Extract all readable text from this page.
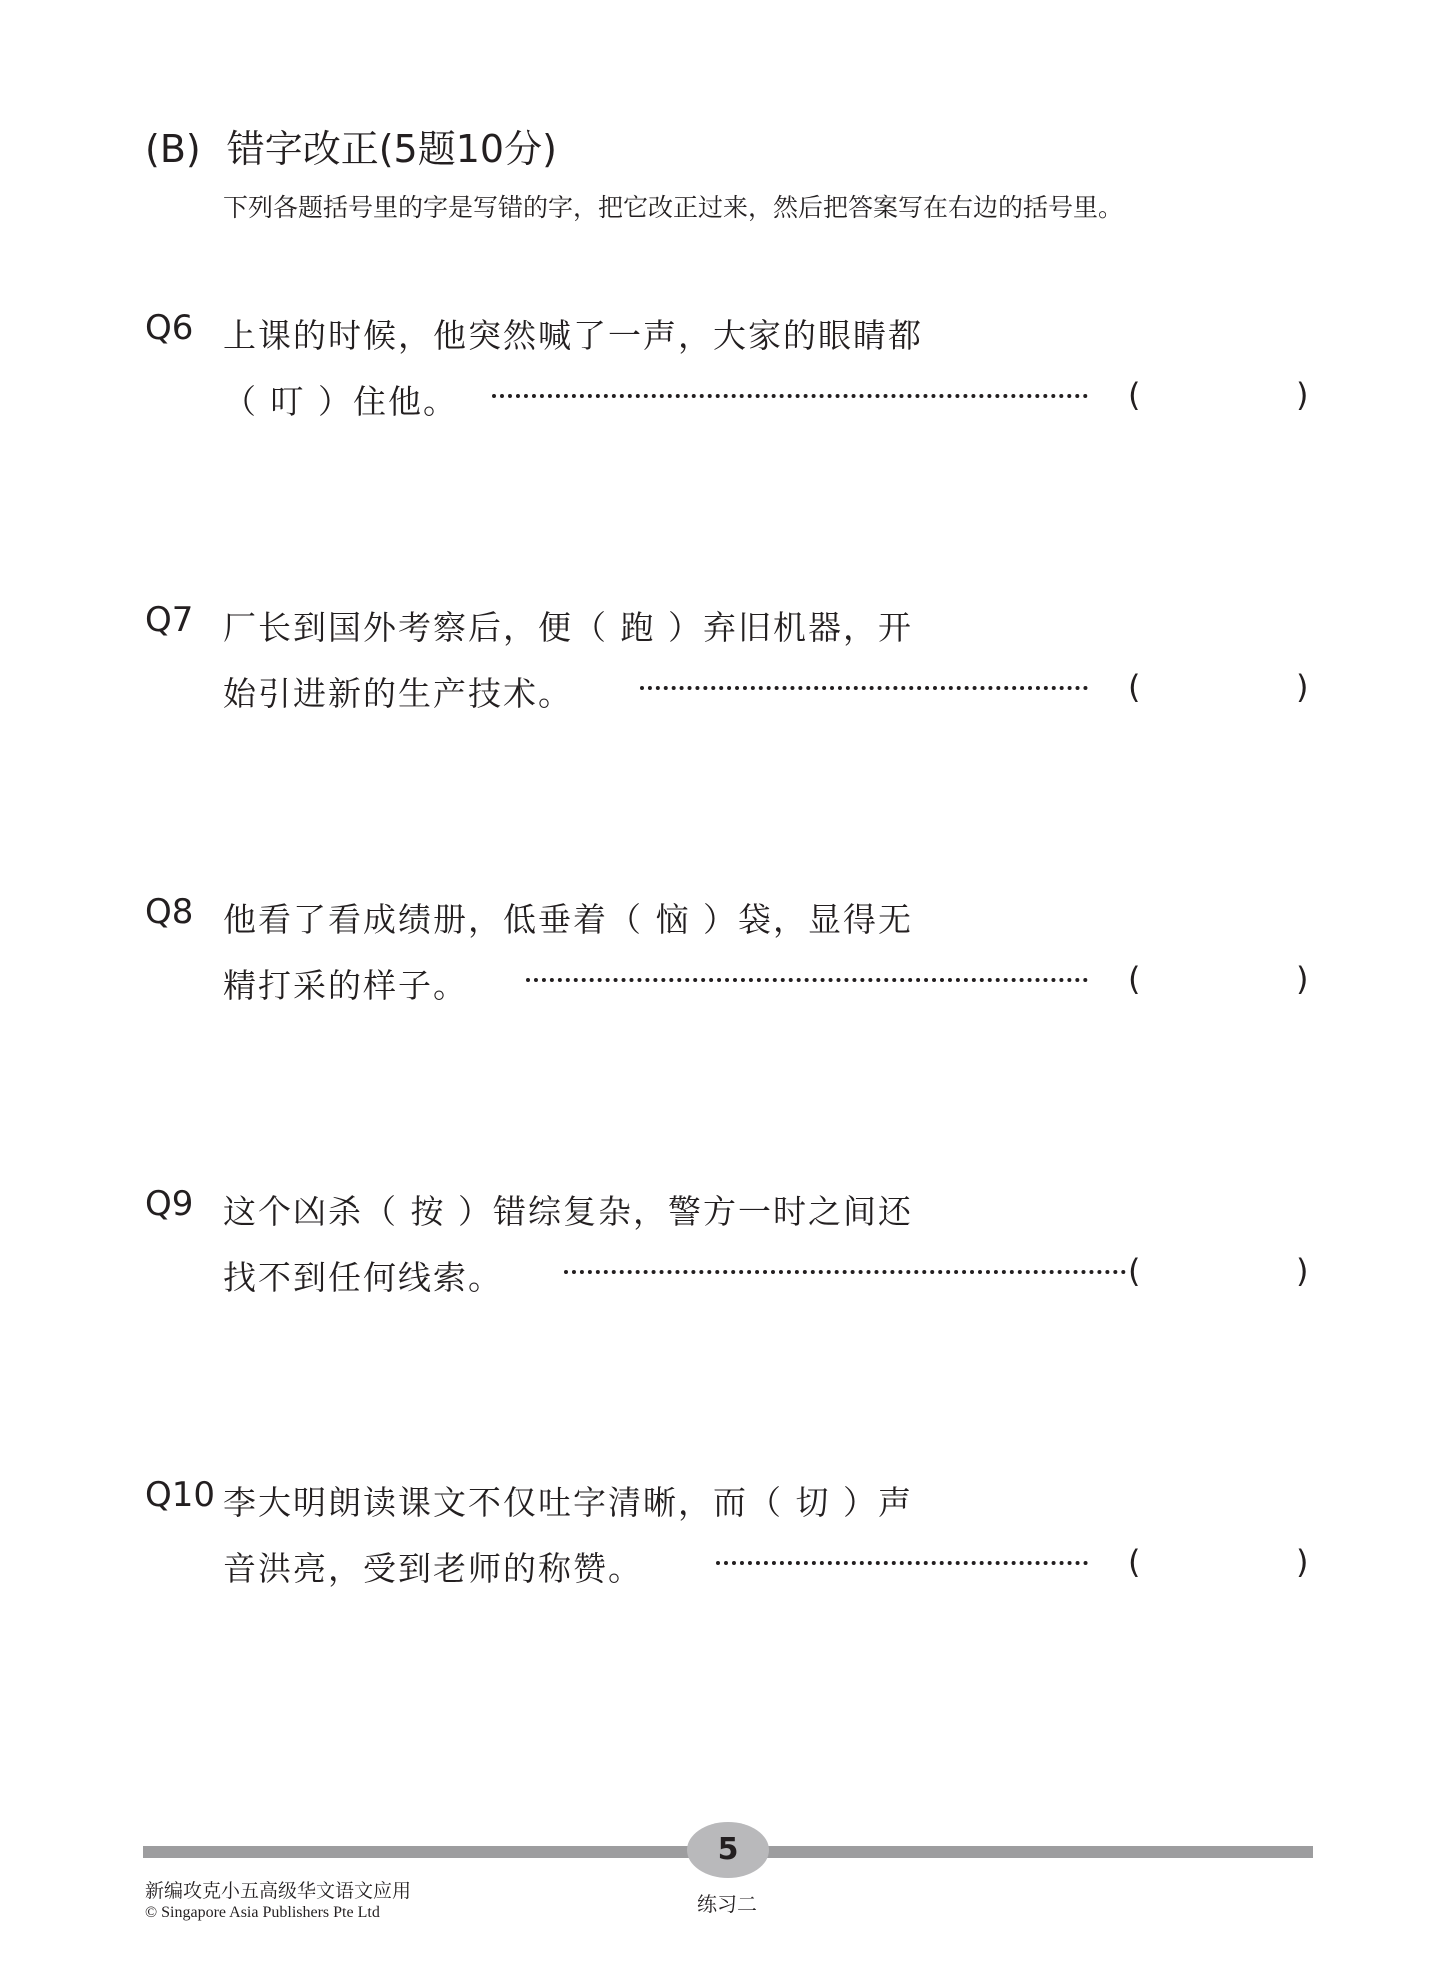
(B) 错字改正(5题10分)
下列各题括号里的字是写错的字，把它改正过来，然后把答案写在右边的括号里。
Q6 上课的时候，他突然喊了一声，大家的眼睛都
（ 叮 ）住他。	(	)
Q7 厂长到国外考察后，便（ 跑 ）弃旧机器，开
始引进新的生产技术。	(	)
Q8 他看了看成绩册，低垂着（ 恼 ）袋，显得无
精打采的样子。	(	)
Q9 这个凶杀（ 按 ）错综复杂，警方一时之间还
找不到任何线索。	(	)
Q10 李大明朗读课文不仅吐字清晰，而（ 切 ）声
音洪亮，受到老师的称赞。	(	)
5
新编攻克小五高级华文语文应用
© Singapore Asia Publishers Pte Ltd	练习二
